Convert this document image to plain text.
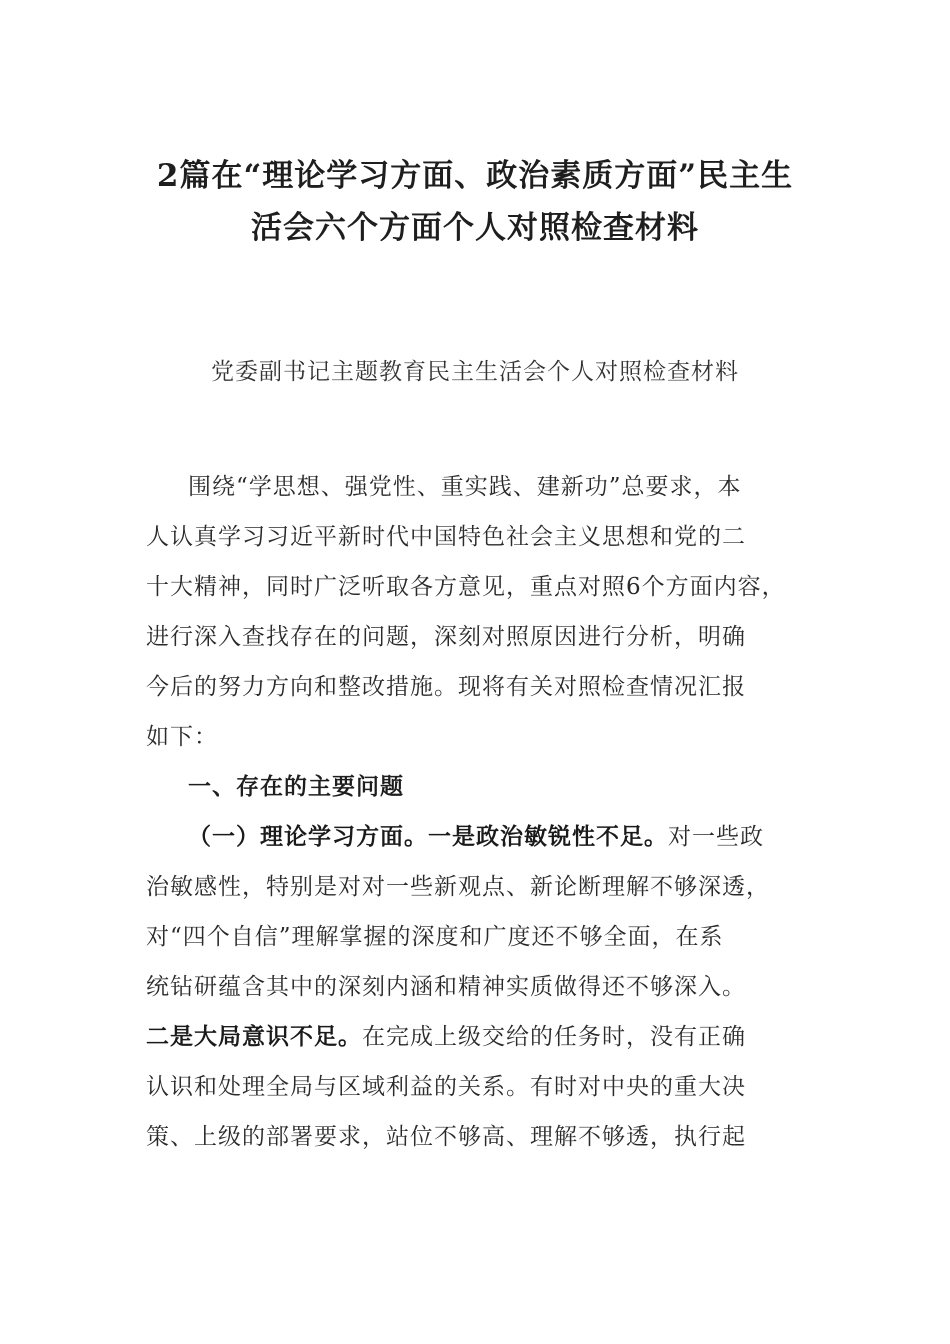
2篇在“理论学习方面、政治素质方面”民主生
活会六个方面个人对照检查材料
党委副书记主题教育民主生活会个人对照检查材料
围绕“学思想、强党性、重实践、建新功”总要求，本
人认真学习习近平新时代中国特色社会主义思想和党的二
十大精神，同时广泛听取各方意见，重点对照6个方面内容，
进行深入查找存在的问题，深刻对照原因进行分析，明确
今后的努力方向和整改措施。现将有关对照检查情况汇报
如下：
一、存在的主要问题
（一）理论学习方面。一是政治敏锐性不足。对一些政
治敏感性，特别是对对一些新观点、新论断理解不够深透，
对“四个自信”理解掌握的深度和广度还不够全面，在系
统钻研蕴含其中的深刻内涵和精神实质做得还不够深入。
二是大局意识不足。在完成上级交给的任务时，没有正确
认识和处理全局与区域利益的关系。有时对中央的重大决
策、上级的部署要求，站位不够高、理解不够透，执行起
